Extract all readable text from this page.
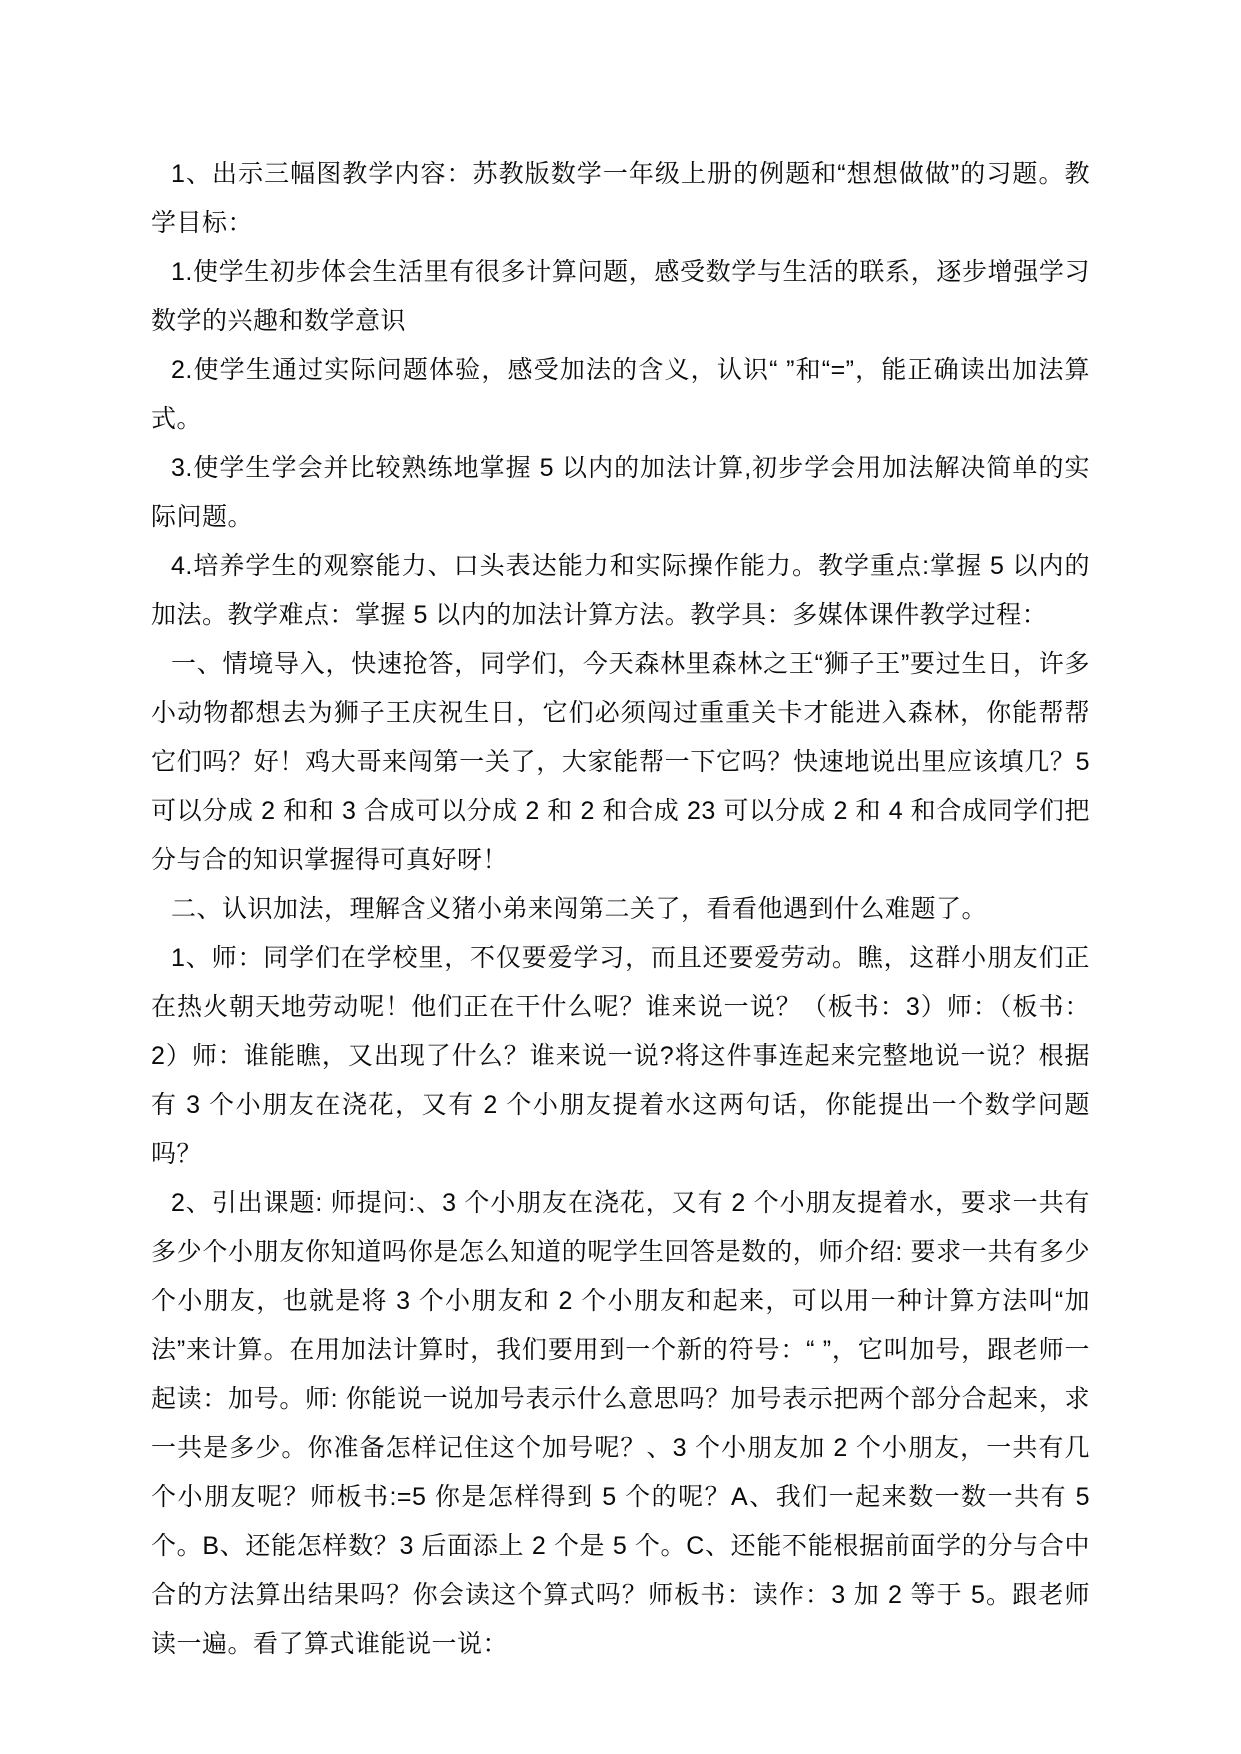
1、出示三幅图教学内容：苏教版数学一年级上册的例题和“想想做做”的习题。教学目标：

1.使学生初步体会生活里有很多计算问题，感受数学与生活的联系，逐步增强学习数学的兴趣和数学意识

2.使学生通过实际问题体验，感受加法的含义，认识“ ”和“=”，能正确读出加法算式。

3.使学生学会并比较熟练地掌握 5 以内的加法计算,初步学会用加法解决简单的实际问题。

4.培养学生的观察能力、口头表达能力和实际操作能力。教学重点:掌握 5 以内的加法。教学难点：掌握 5 以内的加法计算方法。教学具：多媒体课件教学过程：

一、情境导入，快速抢答，同学们，今天森林里森林之王“狮子王”要过生日，许多小动物都想去为狮子王庆祝生日，它们必须闯过重重关卡才能进入森林，你能帮帮它们吗？好！鸡大哥来闯第一关了，大家能帮一下它吗？快速地说出里应该填几？5 可以分成 2 和和 3 合成可以分成 2 和 2 和合成 23 可以分成 2 和 4 和合成同学们把分与合的知识掌握得可真好呀！

二、认识加法，理解含义猪小弟来闯第二关了，看看他遇到什么难题了。

1、师：同学们在学校里，不仅要爱学习，而且还要爱劳动。瞧，这群小朋友们正在热火朝天地劳动呢！他们正在干什么呢？谁来说一说？（板书：3）师：（板书：2）师：谁能瞧，又出现了什么？谁来说一说?将这件事连起来完整地说一说？根据有 3 个小朋友在浇花，又有 2 个小朋友提着水这两句话，你能提出一个数学问题吗？

2、引出课题: 师提问:、3 个小朋友在浇花，又有 2 个小朋友提着水，要求一共有多少个小朋友你知道吗你是怎么知道的呢学生回答是数的，师介绍: 要求一共有多少个小朋友，也就是将 3 个小朋友和 2 个小朋友和起来，可以用一种计算方法叫“加法”来计算。在用加法计算时，我们要用到一个新的符号：“ ”，它叫加号，跟老师一起读：加号。师: 你能说一说加号表示什么意思吗？加号表示把两个部分合起来，求一共是多少。你准备怎样记住这个加号呢？、3 个小朋友加 2 个小朋友，一共有几个小朋友呢？师板书:=5 你是怎样得到 5 个的呢？A、我们一起来数一数一共有 5 个。B、还能怎样数？3 后面添上 2 个是 5 个。C、还能不能根据前面学的分与合中合的方法算出结果吗？你会读这个算式吗？师板书：读作：3 加 2 等于 5。跟老师读一遍。看了算式谁能说一说：
